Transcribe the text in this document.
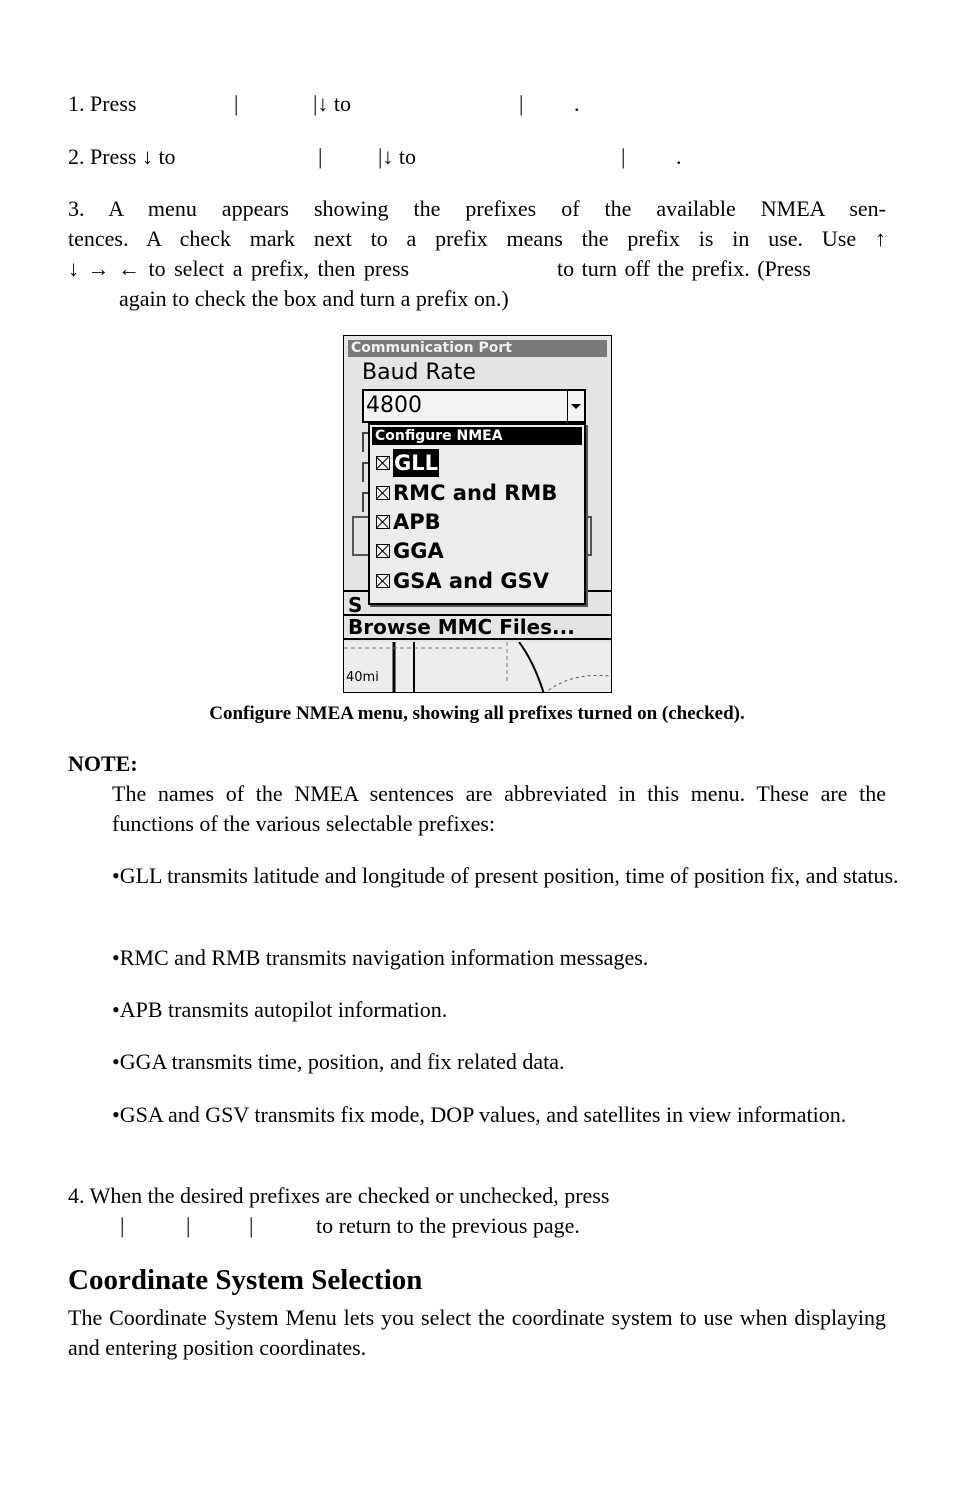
1. Press	|	|↓ to	| .
2. Press ↓ to	|	|↓ to	| .
3. A menu appears showing the prefixes of the available NMEA sen-
tences. A check mark next to a prefix means the prefix is in use. Use ↑
↓ → ← to select a prefix, then press	to turn off the prefix. (Press
again to check the box and turn a prefix on.)
Communication Port
Baud Rate
4800
S
Browse MMC Files...
40mi
Configure NMEA
GLL
RMC and RMB
APB
GGA
GSA and GSV
Configure NMEA menu, showing all prefixes turned on (checked).
NOTE:
The names of the NMEA sentences are abbreviated in this menu. These are the functions of the various selectable prefixes:
•GLL transmits latitude and longitude of present position, time of position fix, and status.
•RMC and RMB transmits navigation information messages.
•APB transmits autopilot information.
•GGA transmits time, position, and fix related data.
•GSA and GSV transmits fix mode, DOP values, and satellites in view information.
4. When the desired prefixes are checked or unchecked, press
|	|	|	to return to the previous page.
Coordinate System Selection
The Coordinate System Menu lets you select the coordinate system to use when displaying and entering position coordinates.
